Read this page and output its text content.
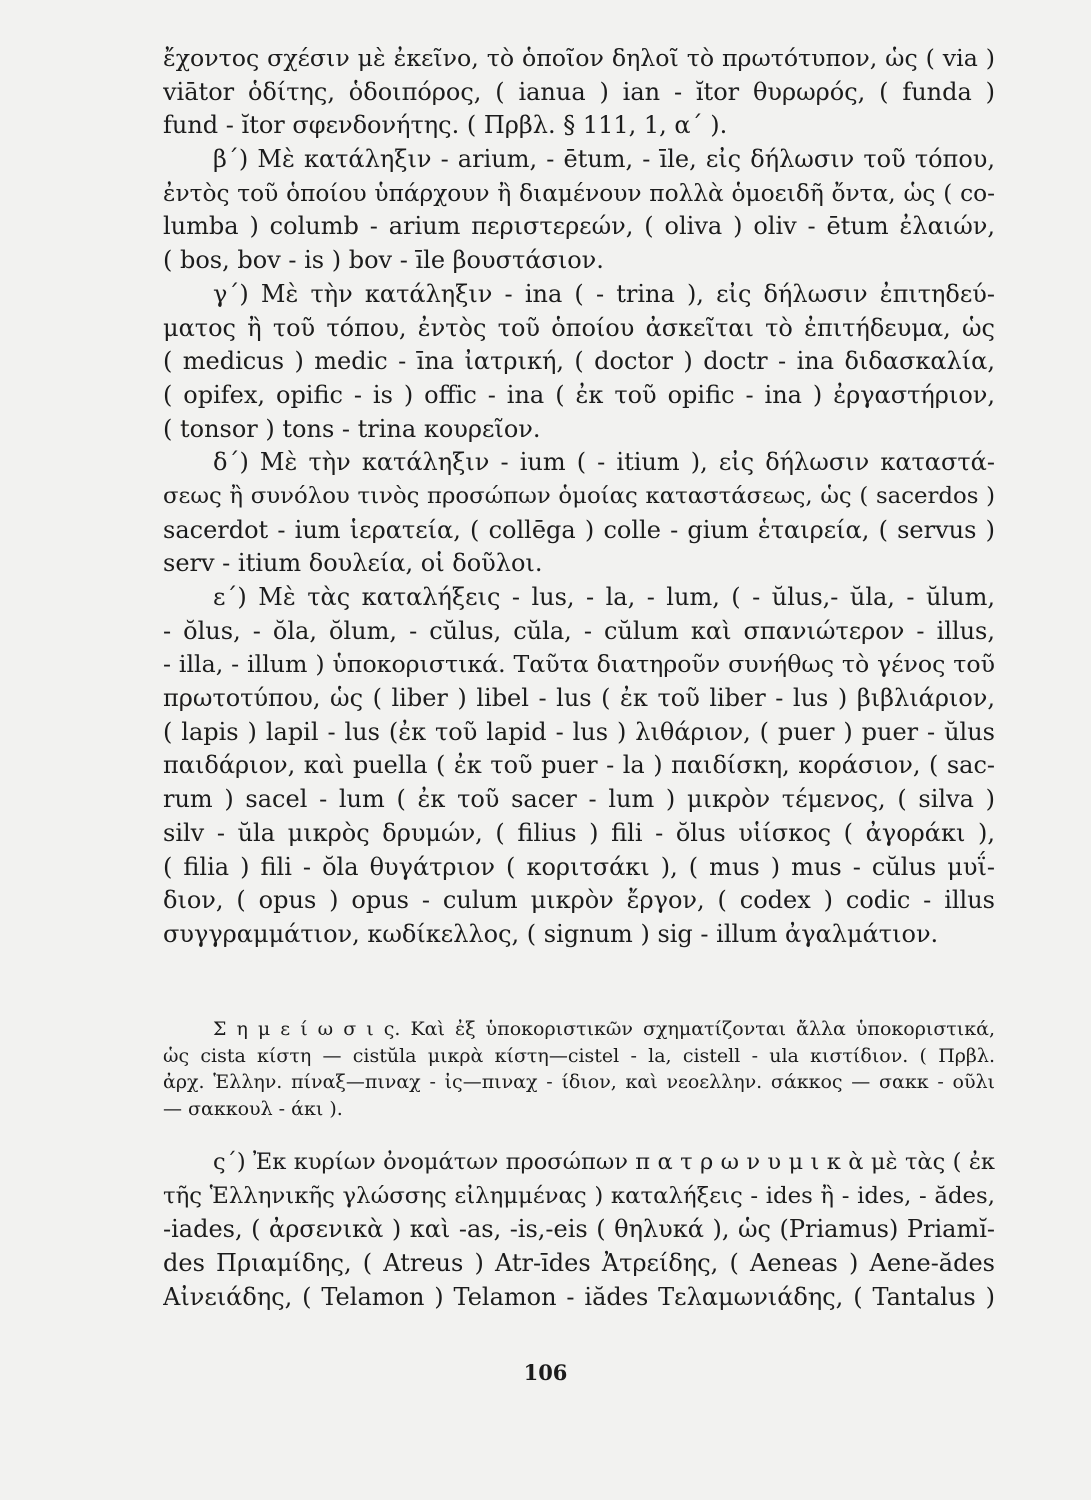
ἔχοντος σχέσιν μὲ ἐκεῖνο, τὸ ὁποῖον δηλοῖ τὸ πρωτότυπον, ὡς ( via )
viātor ὁδίτης, ὁδοιπόρος, ( ianua ) ian - ĭtor θυρωρός, ( funda )
fund - ĭtor σφενδονήτης. ( Πρβλ. § 111, 1, α΄ ).
β΄) Μὲ κατάληξιν - arium, - ētum, - īle, εἰς δήλωσιν τοῦ τόπου,
ἐντὸς τοῦ ὁποίου ὑπάρχουν ἢ διαμένουν πολλὰ ὁμοειδῆ ὄντα, ὡς ( co-
lumba ) columb - arium περιστερεών, ( oliva ) oliv - ētum ἐλαιών,
( bos, bov - is ) bov - īle βουστάσιον.
γ΄) Μὲ τὴν κατάληξιν - ina ( - trina ), εἰς δήλωσιν ἐπιτηδεύ-
ματος ἢ τοῦ τόπου, ἐντὸς τοῦ ὁποίου ἀσκεῖται τὸ ἐπιτήδευμα, ὡς
( medicus ) medic - īna ἰατρική, ( doctor ) doctr - ina διδασκαλία,
( opifex, opific - is ) offic - ina ( ἐκ τοῦ opific - ina ) ἐργαστήριον,
( tonsor ) tons - trina κουρεῖον.
δ΄) Μὲ τὴν κατάληξιν - ium ( - itium ), εἰς δήλωσιν καταστά-
σεως ἢ συνόλου τινὸς προσώπων ὁμοίας καταστάσεως, ὡς ( sacerdos )
sacerdot - ium ἱερατεία, ( collēga ) colle - gium ἑταιρεία, ( servus )
serv - itium δουλεία, οἱ δοῦλοι.
ε΄) Μὲ τὰς καταλήξεις - lus, - la, - lum, ( - ŭlus,- ŭla, - ŭlum,
- ŏlus, - ŏla, ŏlum, - cŭlus, cŭla, - cŭlum καὶ σπανιώτερον - illus,
- illa, - illum ) ὑποκοριστικά. Ταῦτα διατηροῦν συνήθως τὸ γένος τοῦ
πρωτοτύπου, ὡς ( liber ) libel - lus ( ἐκ τοῦ liber - lus ) βιβλιάριον,
( lapis ) lapil - lus (ἐκ τοῦ lapid - lus ) λιθάριον, ( puer ) puer - ŭlus
παιδάριον, καὶ puella ( ἐκ τοῦ puer - la ) παιδίσκη, κοράσιον, ( sac-
rum ) sacel - lum ( ἐκ τοῦ sacer - lum ) μικρὸν τέμενος, ( silva )
silv - ŭla μικρὸς δρυμών, ( filius ) fili - ŏlus υἱίσκος ( ἀγοράκι ),
( filia ) fili - ŏla θυγάτριον ( κοριτσάκι ), ( mus ) mus - cŭlus μυΐ-
διον, ( opus ) opus - culum μικρὸν ἔργον, ( codex ) codic - illus
συγγραμμάτιον, κωδίκελλος, ( signum ) sig - illum ἀγαλμάτιον.
Σ η μ ε ί ω σ ι ς. Καὶ ἐξ ὑποκοριστικῶν σχηματίζονται ἄλλα ὑποκοριστικά,
ὡς cista κίστη — cistŭla μικρὰ κίστη—cistel - la, cistell - ula κιστίδιον. ( Πρβλ.
ἀρχ. Ἑλλην. πίναξ—πιναχ - ἰς—πιναχ - ίδιον, καὶ νεοελλην. σάκκος — σακκ - οῦλι
— σακκουλ - άκι ).
ς΄) Ἐκ κυρίων ὀνομάτων προσώπων π α τ ρ ω ν υ μ ι κ ὰ μὲ τὰς ( ἐκ
τῆς Ἑλληνικῆς γλώσσης εἰλημμένας ) καταλήξεις - ides ἢ - ides, - ădes,
-iades, ( ἀρσενικὰ ) καὶ -as, -is,-eis ( θηλυκά ), ὡς (Priamus) Priamĭ-
des Πριαμίδης, ( Atreus ) Atr-īdes Ἀτρείδης, ( Aeneas ) Aene-ădes
Αἰνειάδης, ( Telamon ) Telamon - iădes Τελαμωνιάδης, ( Tantalus )
106
